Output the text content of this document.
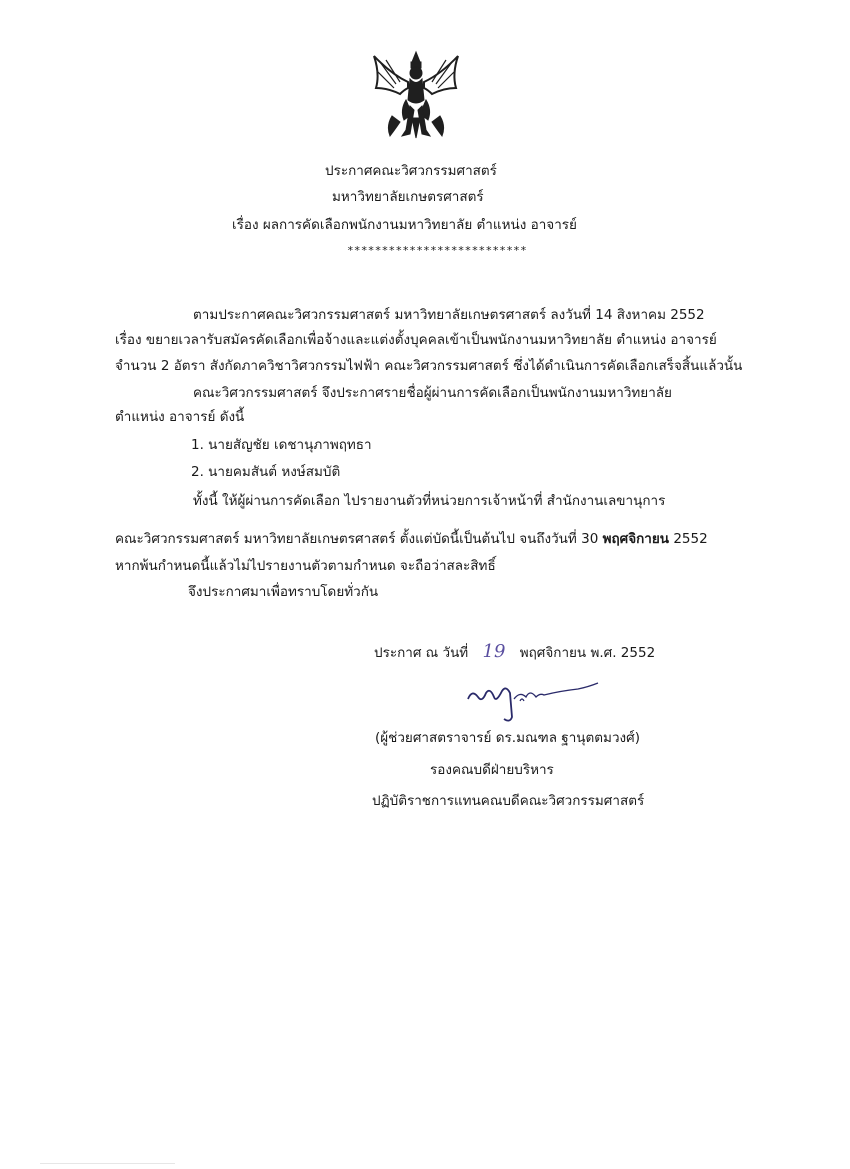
ประกาศคณะวิศวกรรมศาสตร์
มหาวิทยาลัยเกษตรศาสตร์
เรื่อง ผลการคัดเลือกพนักงานมหาวิทยาลัย ตำแหน่ง อาจารย์
**************************
ตามประกาศคณะวิศวกรรมศาสตร์ มหาวิทยาลัยเกษตรศาสตร์ ลงวันที่ 14 สิงหาคม 2552
เรื่อง ขยายเวลารับสมัครคัดเลือกเพื่อจ้างและแต่งตั้งบุคคลเข้าเป็นพนักงานมหาวิทยาลัย ตำแหน่ง อาจารย์
จำนวน 2 อัตรา สังกัดภาควิชาวิศวกรรมไฟฟ้า คณะวิศวกรรมศาสตร์ ซึ่งได้ดำเนินการคัดเลือกเสร็จสิ้นแล้วนั้น
คณะวิศวกรรมศาสตร์ จึงประกาศรายชื่อผู้ผ่านการคัดเลือกเป็นพนักงานมหาวิทยาลัย
ตำแหน่ง อาจารย์ ดังนี้
1. นายสัญชัย เดชานุภาพฤทธา
2. นายคมสันต์ หงษ์สมบัติ
ทั้งนี้ ให้ผู้ผ่านการคัดเลือก ไปรายงานตัวที่หน่วยการเจ้าหน้าที่ สำนักงานเลขานุการ
คณะวิศวกรรมศาสตร์ มหาวิทยาลัยเกษตรศาสตร์ ตั้งแต่บัดนี้เป็นต้นไป จนถึงวันที่ 30 พฤศจิกายน 2552
หากพ้นกำหนดนี้แล้วไม่ไปรายงานตัวตามกำหนด จะถือว่าสละสิทธิ์
จึงประกาศมาเพื่อทราบโดยทั่วกัน
ประกาศ ณ วันที่ 19 พฤศจิกายน พ.ศ. 2552
(ผู้ช่วยศาสตราจารย์ ดร.มณฑล ฐานุตตมวงศ์)
รองคณบดีฝ่ายบริหาร
ปฏิบัติราชการแทนคณบดีคณะวิศวกรรมศาสตร์
